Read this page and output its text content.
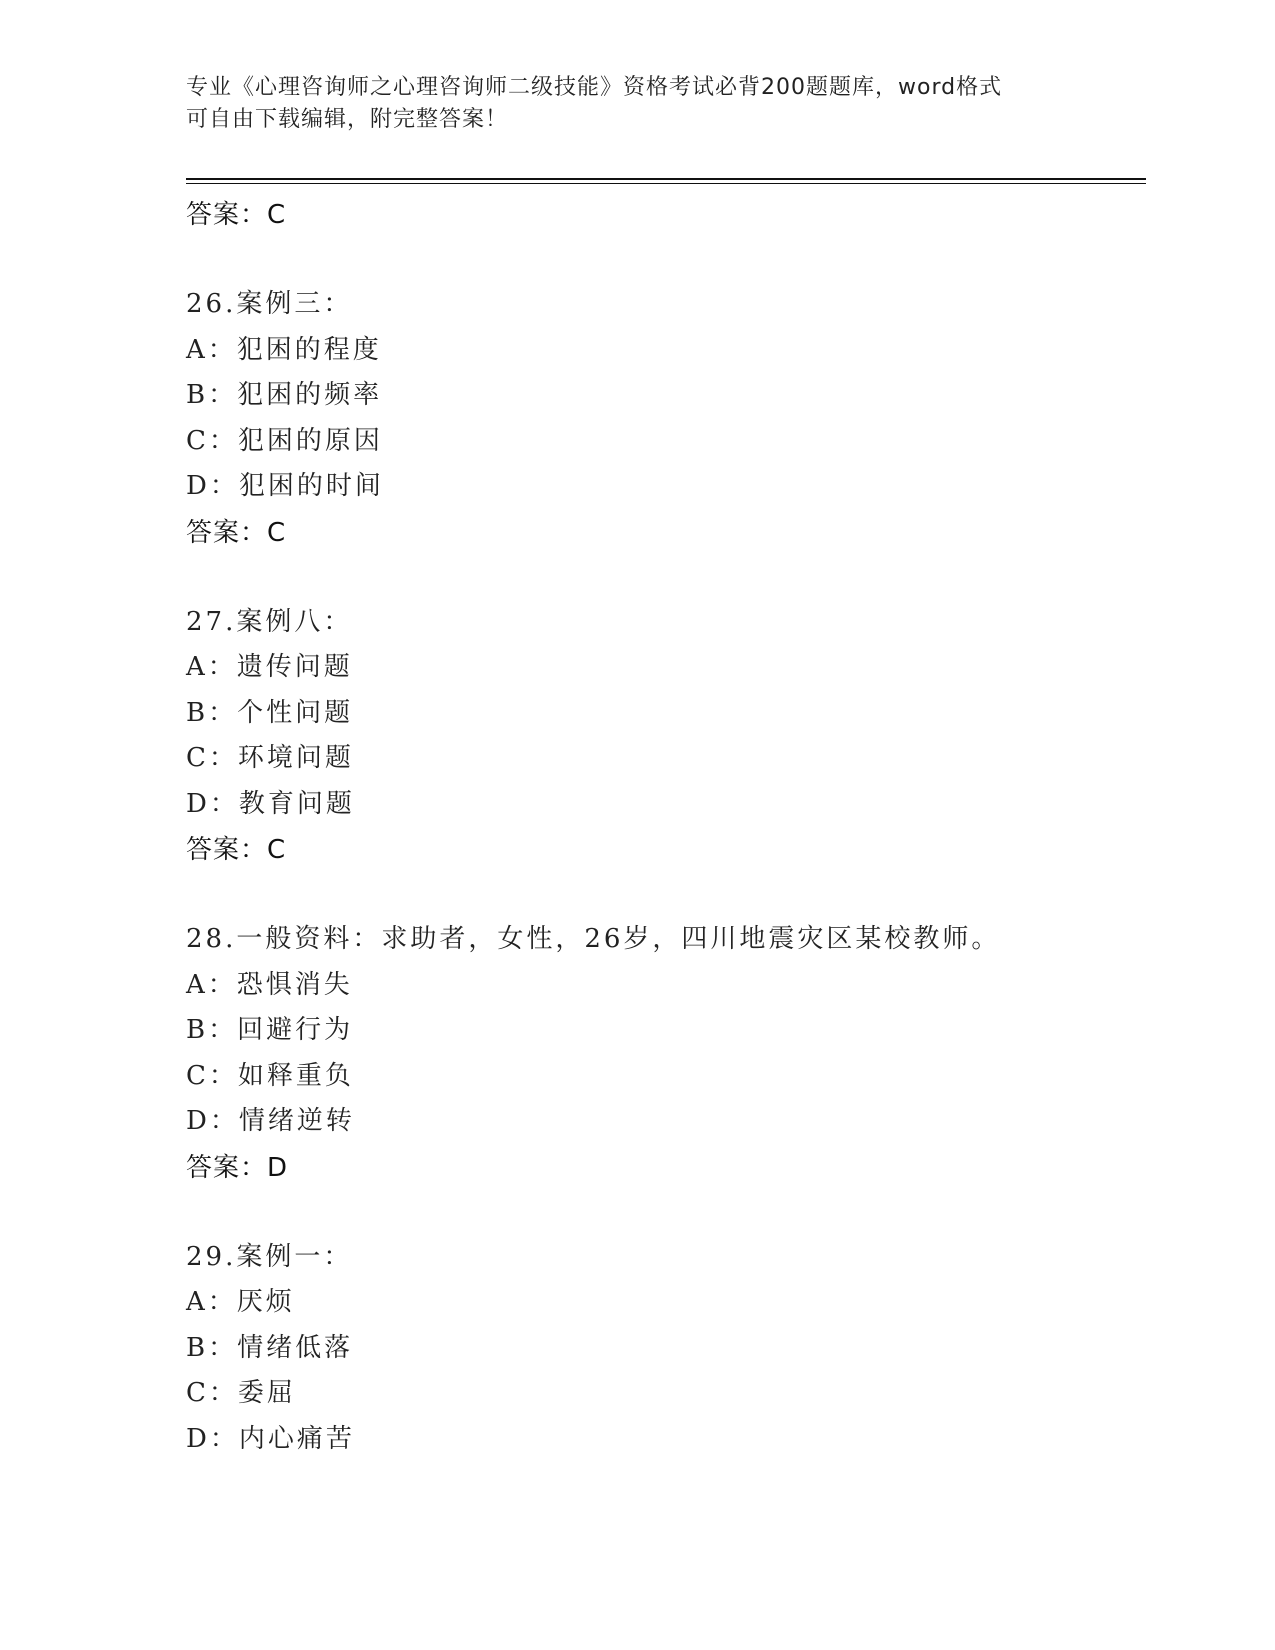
专业《心理咨询师之心理咨询师二级技能》资格考试必背200题题库，word格式
可自由下载编辑，附完整答案！
答案：C
26.案例三：
A：犯困的程度
B：犯困的频率
C：犯困的原因
D：犯困的时间
答案：C
27.案例八：
A：遗传问题
B：个性问题
C：环境问题
D：教育问题
答案：C
28.一般资料：求助者，女性，26岁，四川地震灾区某校教师。
A：恐惧消失
B：回避行为
C：如释重负
D：情绪逆转
答案：D
29.案例一：
A：厌烦
B：情绪低落
C：委屈
D：内心痛苦
